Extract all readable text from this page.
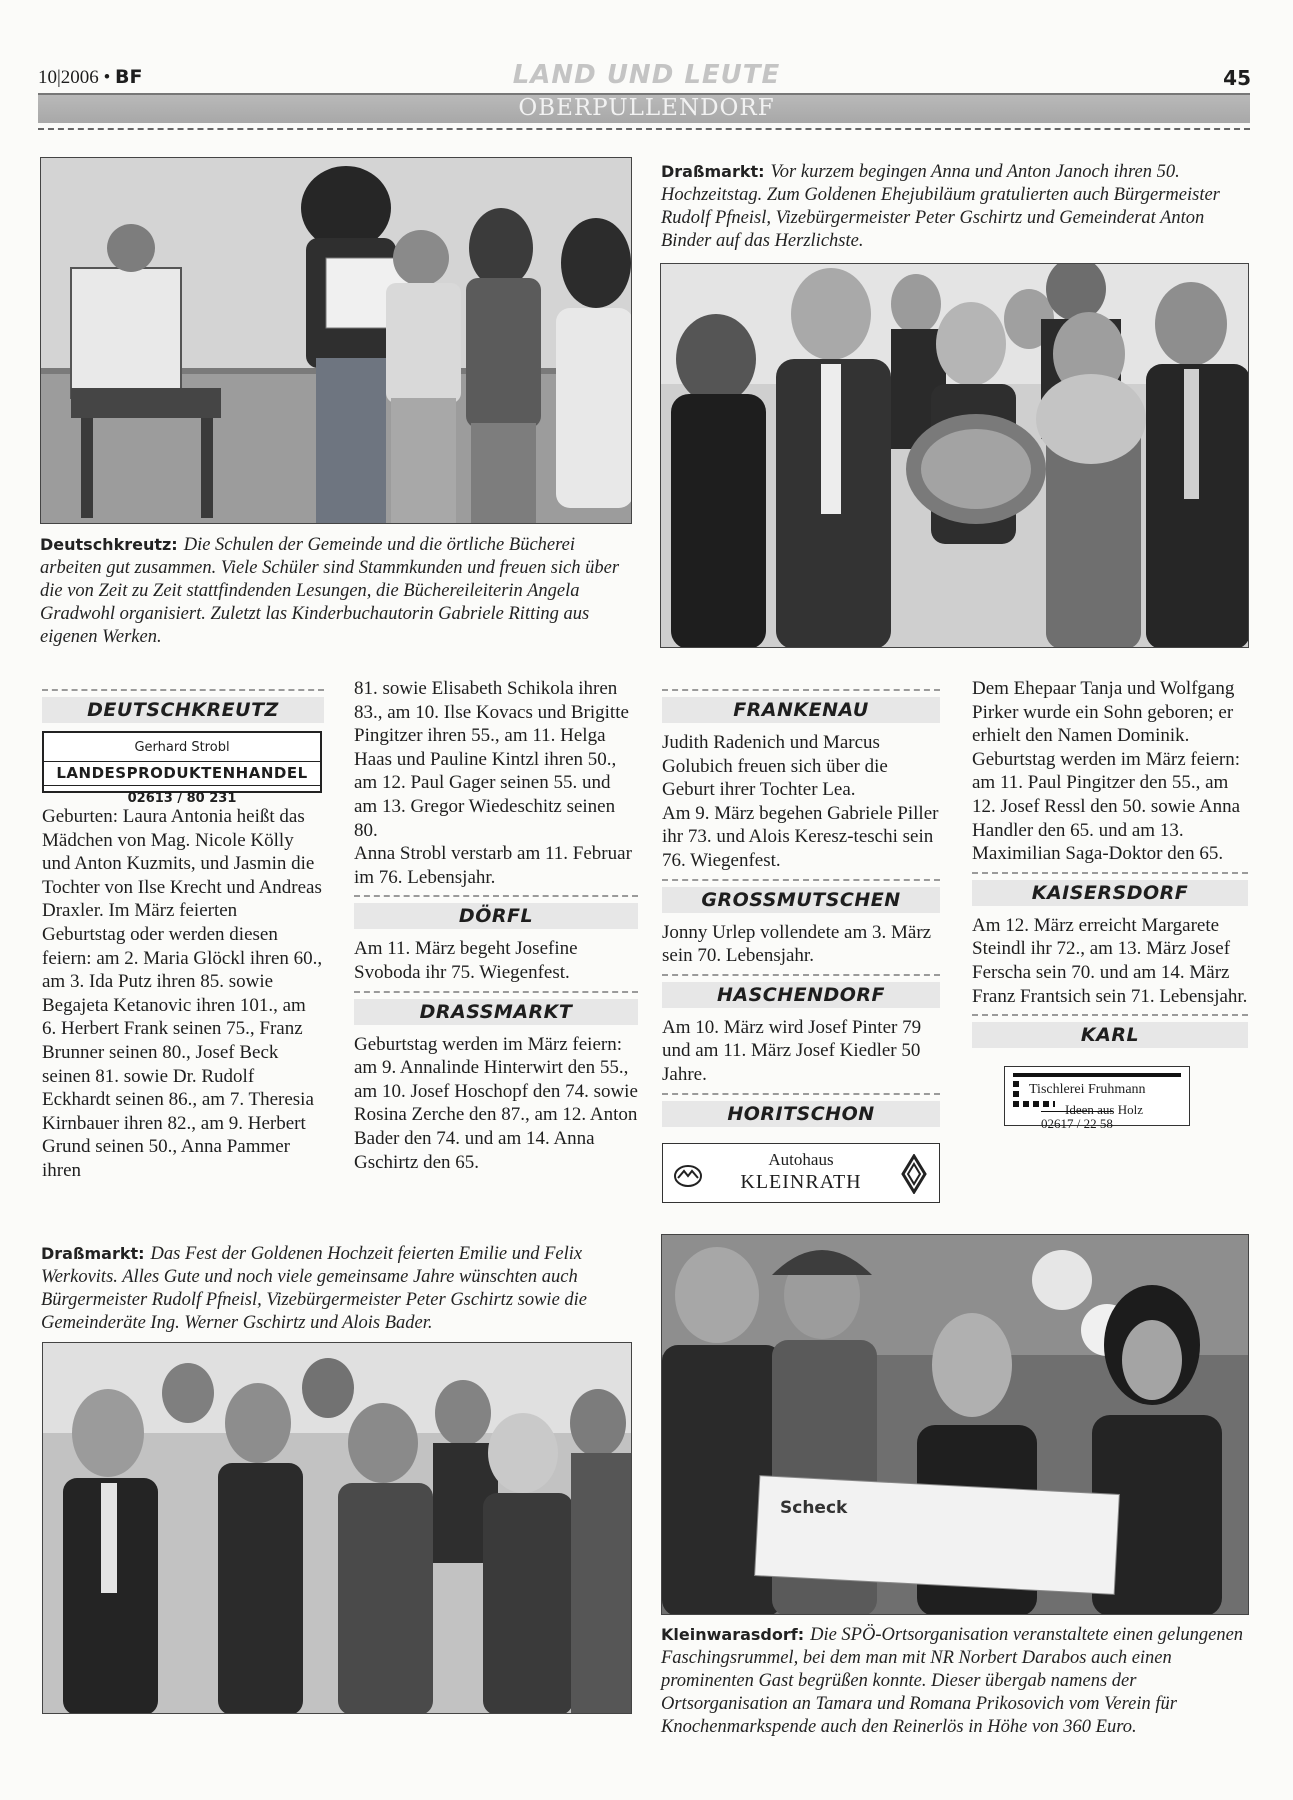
10|2006 • BF	LAND UND LEUTE	45
OBERPULLENDORF
Deutschkreutz: Die Schulen der Gemeinde und die örtliche Bücherei arbeiten gut zusammen. Viele Schüler sind Stammkunden und freuen sich über die von Zeit zu Zeit stattfindenden Lesungen, die Büchereileiterin Angela Gradwohl organisiert. Zuletzt las Kinderbuchautorin Gabriele Ritting aus eigenen Werken.
Draßmarkt: Vor kurzem begingen Anna und Anton Janoch ihren 50. Hochzeitstag. Zum Goldenen Ehejubiläum gratulierten auch Bürgermeister Rudolf Pfneisl, Vizebürgermeister Peter Gschirtz und Gemeinderat Anton Binder auf das Herzlichste.
DEUTSCHKREUTZ
Gerhard Strobl
LANDESPRODUKTENHANDEL
02613 / 80 231

Geburten: Laura Antonia heißt das Mädchen von Mag. Nicole Kölly und Anton Kuzmits, und Jasmin die Tochter von Ilse Krecht und Andreas Draxler. Im März feierten Geburtstag oder werden diesen feiern: am 2. Maria Glöckl ihren 60., am 3. Ida Putz ihren 85. sowie Begajeta Ketanovic ihren 101., am 6. Herbert Frank seinen 75., Franz Brunner seinen 80., Josef Beck seinen 81. sowie Dr. Rudolf Eckhardt seinen 86., am 7. Theresia Kirnbauer ihren 82., am 9. Herbert Grund seinen 50., Anna Pammer ihren

81. sowie Elisabeth Schikola ihren 83., am 10. Ilse Kovacs und Brigitte Pingitzer ihren 55., am 11. Helga Haas und Pauline Kintzl ihren 50., am 12. Paul Gager seinen 55. und am 13. Gregor Wiedeschitz seinen 80.

Anna Strobl verstarb am 11. Februar im 76. Lebensjahr.

DÖRFL

Am 11. März begeht Josefine Svoboda ihr 75. Wiegenfest.

DRASSMARKT

Geburtstag werden im März feiern: am 9. Annalinde Hinterwirt den 55., am 10. Josef Hoschopf den 74. sowie Rosina Zerche den 87., am 12. Anton Bader den 74. und am 14. Anna Gschirtz den 65.

FRANKENAU

Judith Radenich und Marcus Golubich freuen sich über die Geburt ihrer Tochter Lea.

Am 9. März begehen Gabriele Piller ihr 73. und Alois Keresz-teschi sein 76. Wiegenfest.

GROSSMUTSCHEN

Jonny Urlep vollendete am 3. März sein 70. Lebensjahr.

HASCHENDORF

Am 10. März wird Josef Pinter 79 und am 11. März Josef Kiedler 50 Jahre.

HORITSCHON
Autohaus
KLEINRATH

Dem Ehepaar Tanja und Wolfgang Pirker wurde ein Sohn geboren; er erhielt den Namen Dominik.

Geburtstag werden im März feiern: am 11. Paul Pingitzer den 55., am 12. Josef Ressl den 50. sowie Anna Handler den 65. und am 13. Maximilian Saga-Doktor den 65.

KAISERSDORF

Am 12. März erreicht Margarete Steindl ihr 72., am 13. März Josef Ferscha sein 70. und am 14. März Franz Frantsich sein 71. Lebensjahr.

KARL
Tischlerei Fruhmann
Ideen aus Holz
02617 / 22 58
Draßmarkt: Das Fest der Goldenen Hochzeit feierten Emilie und Felix Werkovits. Alles Gute und noch viele gemeinsame Jahre wünschten auch Bürgermeister Rudolf Pfneisl, Vizebürgermeister Peter Gschirtz sowie die Gemeinderäte Ing. Werner Gschirtz und Alois Bader.
Scheck
Kleinwarasdorf: Die SPÖ-Ortsorganisation veranstaltete einen gelungenen Faschingsrummel, bei dem man mit NR Norbert Darabos auch einen prominenten Gast begrüßen konnte. Dieser übergab namens der Ortsorganisation an Tamara und Romana Prikosovich vom Verein für Knochenmarkspende auch den Reinerlös in Höhe von 360 Euro.
